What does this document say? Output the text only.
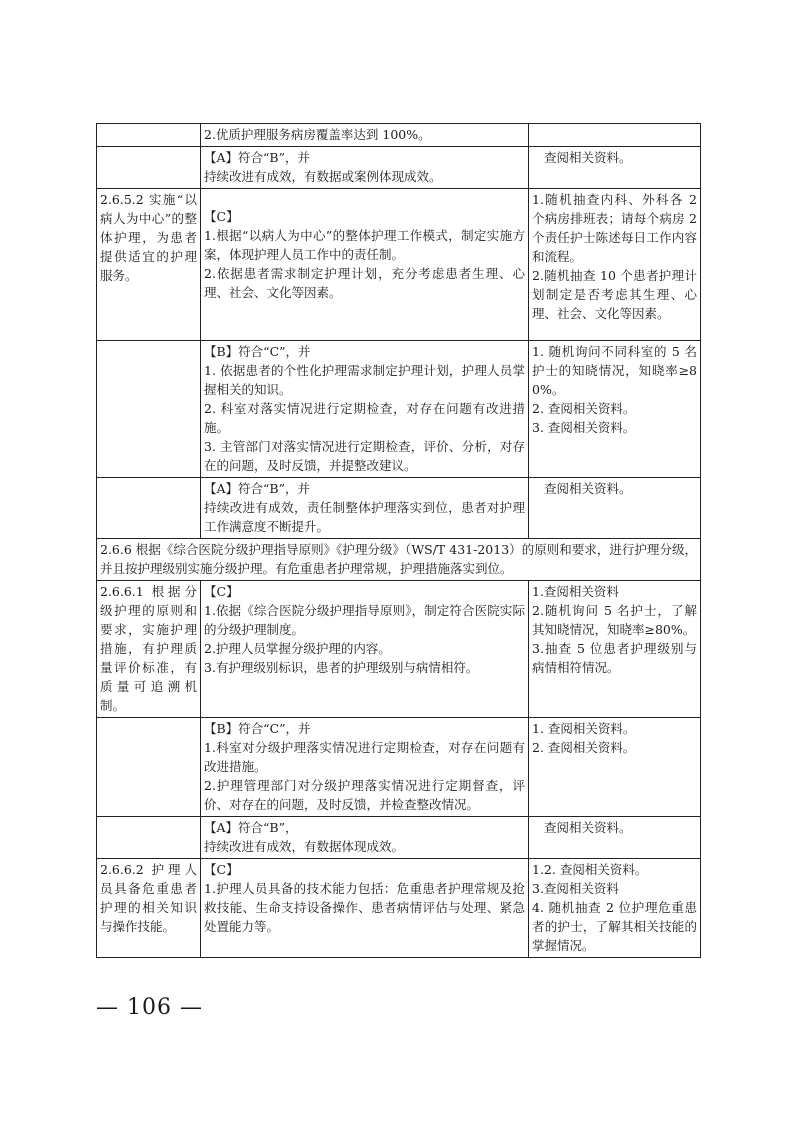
	2.优质护理服务病房覆盖率达到 100%。	

	【A】符合“B”，并
持续改进有成效，有数据或案例体现成效。	查阅相关资料。

2.6.5.2 实施“以病人为中心”的整体护理，为患者提供适宜的护理服务。	【C】
1.根据“以病人为中心”的整体护理工作模式，制定实施方案，体现护理人员工作中的责任制。
2.依据患者需求制定护理计划，充分考虑患者生理、心理、社会、文化等因素。	1.随机抽查内科、外科各 2 个病房排班表；请每个病房 2 个责任护士陈述每日工作内容和流程。
2.随机抽查 10 个患者护理计划制定是否考虑其生理、心理、社会、文化等因素。

	【B】符合“C”，并
1. 依据患者的个性化护理需求制定护理计划，护理人员掌握相关的知识。
2. 科室对落实情况进行定期检查，对存在问题有改进措施。
3. 主管部门对落实情况进行定期检查，评价、分析，对存在的问题，及时反馈，并提整改建议。	1. 随机询问不同科室的 5 名护士的知晓情况，知晓率≥80%。
2. 查阅相关资料。
3. 查阅相关资料。

	【A】符合“B”，并
持续改进有成效，责任制整体护理落实到位，患者对护理工作满意度不断提升。	查阅相关资料。

2.6.6 根据《综合医院分级护理指导原则》《护理分级》（WS/T 431-2013）的原则和要求，进行护理分级，并且按护理级别实施分级护理。有危重患者护理常规，护理措施落实到位。		

2.6.6.1 根据分级护理的原则和要求，实施护理措施，有护理质量评价标准，有质量可追溯机制。	【C】
1.依据《综合医院分级护理指导原则》，制定符合医院实际的分级护理制度。
2.护理人员掌握分级护理的内容。
3.有护理级别标识，患者的护理级别与病情相符。	1.查阅相关资料
2.随机询问 5 名护士，了解其知晓情况，知晓率≥80%。
3.抽查 5 位患者护理级别与病情相符情况。

	【B】符合“C”，并
1.科室对分级护理落实情况进行定期检查，对存在问题有改进措施。
2.护理管理部门对分级护理落实情况进行定期督查，评价、对存在的问题，及时反馈，并检查整改情况。	1. 查阅相关资料。
2. 查阅相关资料。

	【A】符合“B”，
持续改进有成效，有数据体现成效。	查阅相关资料。

2.6.6.2 护理人员具备危重患者护理的相关知识与操作技能。	【C】
1.护理人员具备的技术能力包括：危重患者护理常规及抢救技能、生命支持设备操作、患者病情评估与处理、紧急处置能力等。	1.2. 查阅相关资料。
3.查阅相关资料
4. 随机抽查 2 位护理危重患者的护士，了解其相关技能的掌握情况。
— 106 —
